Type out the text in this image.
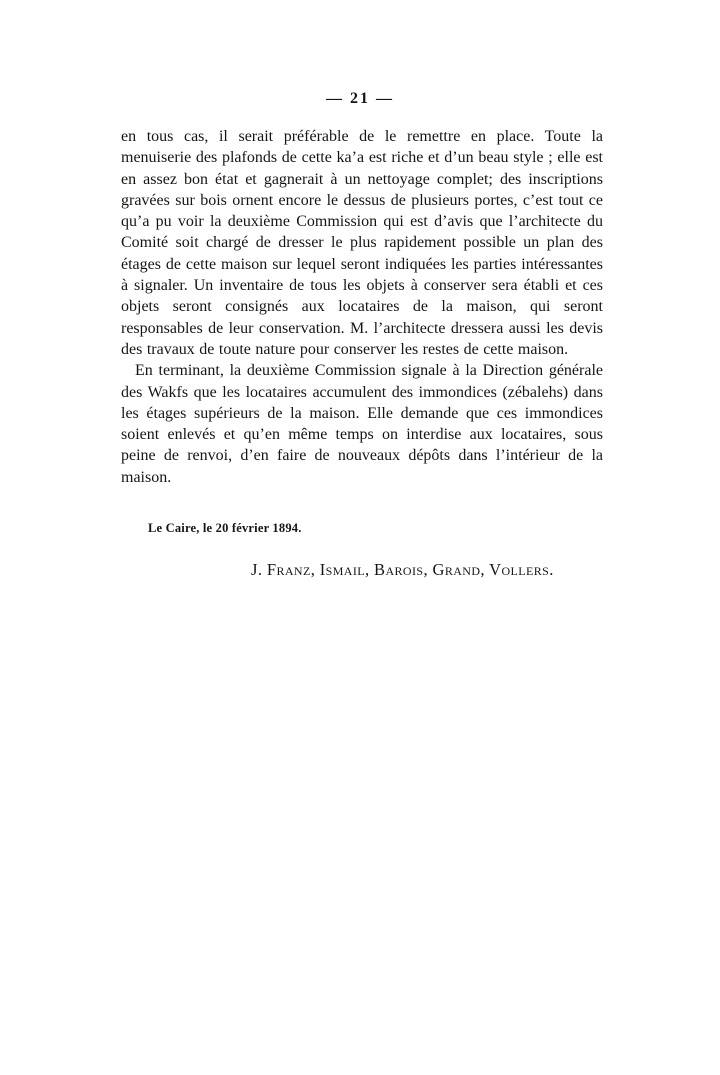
— 21 —

en tous cas, il serait préférable de le remettre en place. Toute la menuiserie des plafonds de cette ka’a est riche et d’un beau style ; elle est en assez bon état et gagnerait à un nettoyage complet; des inscriptions gravées sur bois ornent encore le dessus de plusieurs portes, c’est tout ce qu’a pu voir la deuxième Commission qui est d’avis que l’architecte du Comité soit chargé de dresser le plus rapidement possible un plan des étages de cette maison sur lequel seront indiquées les parties intéressantes à signaler. Un inventaire de tous les objets à conserver sera établi et ces objets seront consignés aux locataires de la maison, qui seront responsables de leur conservation. M. l’architecte dressera aussi les devis des travaux de toute nature pour conserver les restes de cette maison.

En terminant, la deuxième Commission signale à la Direction générale des Wakfs que les locataires accumulent des immondices (zébalehs) dans les étages supérieurs de la maison. Elle demande que ces immondices soient enlevés et qu’en même temps on interdise aux locataires, sous peine de renvoi, d’en faire de nouveaux dépôts dans l’intérieur de la maison.

Le Caire, le 20 février 1894.
J. Franz, Ismail, Barois, Grand, Vollers.
